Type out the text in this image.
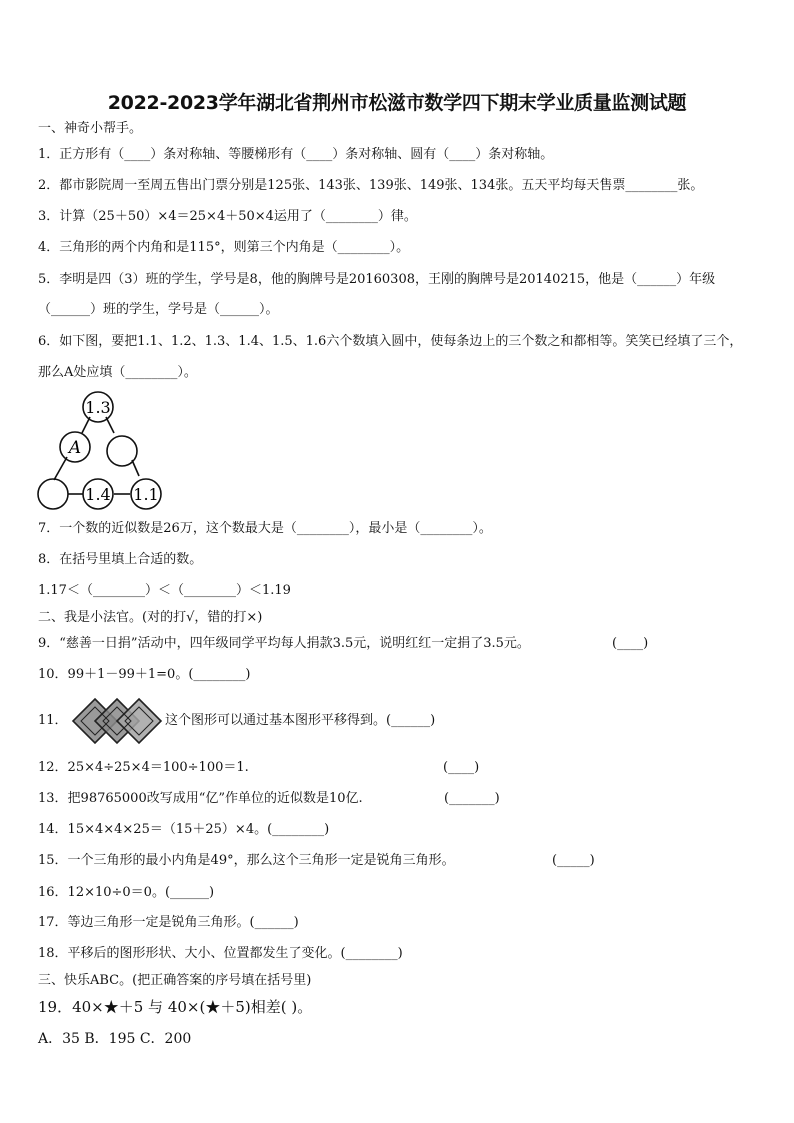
2022-2023学年湖北省荆州市松滋市数学四下期末学业质量监测试题
一、神奇小帮手。
1．正方形有（____）条对称轴、等腰梯形有（____）条对称轴、圆有（____）条对称轴。
2．都市影院周一至周五售出门票分别是125张、143张、139张、149张、134张。五天平均每天售票________张。
3．计算（25＋50）×4＝25×4＋50×4运用了（________）律。
4．三角形的两个内角和是115°，则第三个内角是（________）。
5．李明是四（3）班的学生，学号是8，他的胸牌号是20160308，王刚的胸牌号是20140215，他是（______）年级
（______）班的学生，学号是（______）。
6．如下图，要把1.1、1.2、1.3、1.4、1.5、1.6六个数填入圆中，使每条边上的三个数之和都相等。笑笑已经填了三个，
那么A处应填（________）。
1.3
A
1.4 1.1
7．一个数的近似数是26万，这个数最大是（________），最小是（________）。
8．在括号里填上合适的数。
1.17＜（________）＜（________）＜1.19
二、我是小法官。(对的打√，错的打×)
9．“慈善一日捐”活动中，四年级同学平均每人捐款3.5元，说明红红一定捐了3.5元。	(____)
10．99＋1－99＋1=0。(________)
11．	这个图形可以通过基本图形平移得到。(______)
12．25×4÷25×4＝100÷100＝1.	(____)
13．把98765000改写成用“亿”作单位的近似数是10亿.	(_______)
14．15×4×4×25＝（15＋25）×4。(________)
15．一个三角形的最小内角是49°，那么这个三角形一定是锐角三角形。	(_____)
16．12×10÷0＝0。(______)
17．等边三角形一定是锐角三角形。(______)
18．平移后的图形形状、大小、位置都发生了变化。(________)
三、快乐ABC。(把正确答案的序号填在括号里)
19．40×★＋5 与 40×(★＋5)相差( )。
A．35 B．195 C．200
